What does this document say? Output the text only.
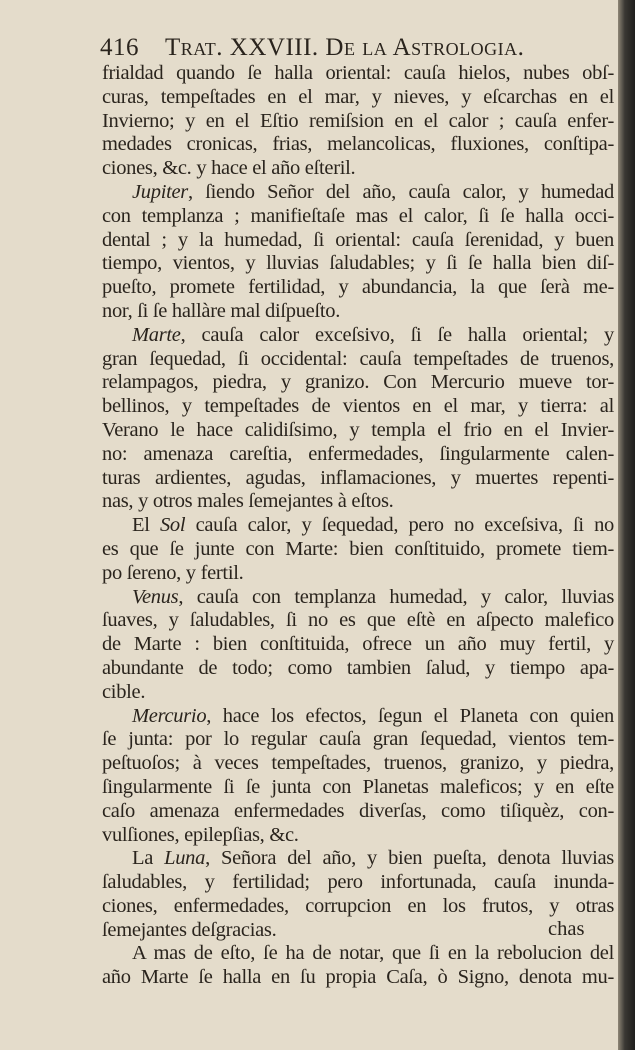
416 Trat. XXVIII. De la Astrologia.
frialdad quando ſe halla oriental: cauſa hielos, nubes obſ-
curas, tempeſtades en el mar, y nieves, y eſcarchas en el
Invierno; y en el Eſtio remiſsion en el calor ; cauſa enfer-
medades cronicas, frias, melancolicas, fluxiones, conſtipa-
ciones, &c. y hace el año eſteril.
Jupiter, ſiendo Señor del año, cauſa calor, y humedad
con templanza ; manifieſtaſe mas el calor, ſi ſe halla occi-
dental ; y la humedad, ſi oriental: cauſa ſerenidad, y buen
tiempo, vientos, y lluvias ſaludables; y ſi ſe halla bien diſ-
pueſto, promete fertilidad, y abundancia, la que ſerà me-
nor, ſi ſe hallàre mal diſpueſto.
Marte, cauſa calor exceſsivo, ſi ſe halla oriental; y
gran ſequedad, ſi occidental: cauſa tempeſtades de truenos,
relampagos, piedra, y granizo. Con Mercurio mueve tor-
bellinos, y tempeſtades de vientos en el mar, y tierra: al
Verano le hace calidiſsimo, y templa el frio en el Invier-
no: amenaza careſtia, enfermedades, ſingularmente calen-
turas ardientes, agudas, inflamaciones, y muertes repenti-
nas, y otros males ſemejantes à eſtos.
El Sol cauſa calor, y ſequedad, pero no exceſsiva, ſi no
es que ſe junte con Marte: bien conſtituido, promete tiem-
po ſereno, y fertil.
Venus, cauſa con templanza humedad, y calor, lluvias
ſuaves, y ſaludables, ſi no es que eſtè en aſpecto malefico
de Marte : bien conſtituida, ofrece un año muy fertil, y
abundante de todo; como tambien ſalud, y tiempo apa-
cible.
Mercurio, hace los efectos, ſegun el Planeta con quien
ſe junta: por lo regular cauſa gran ſequedad, vientos tem-
peſtuoſos; à veces tempeſtades, truenos, granizo, y piedra,
ſingularmente ſi ſe junta con Planetas maleficos; y en eſte
caſo amenaza enfermedades diverſas, como tiſiquèz, con-
vulſiones, epilepſias, &c.
La Luna, Señora del año, y bien pueſta, denota lluvias
ſaludables, y fertilidad; pero infortunada, cauſa inunda-
ciones, enfermedades, corrupcion en los frutos, y otras
ſemejantes deſgracias.
A mas de eſto, ſe ha de notar, que ſi en la rebolucion del
año Marte ſe halla en ſu propia Caſa, ò Signo, denota mu-
chas
